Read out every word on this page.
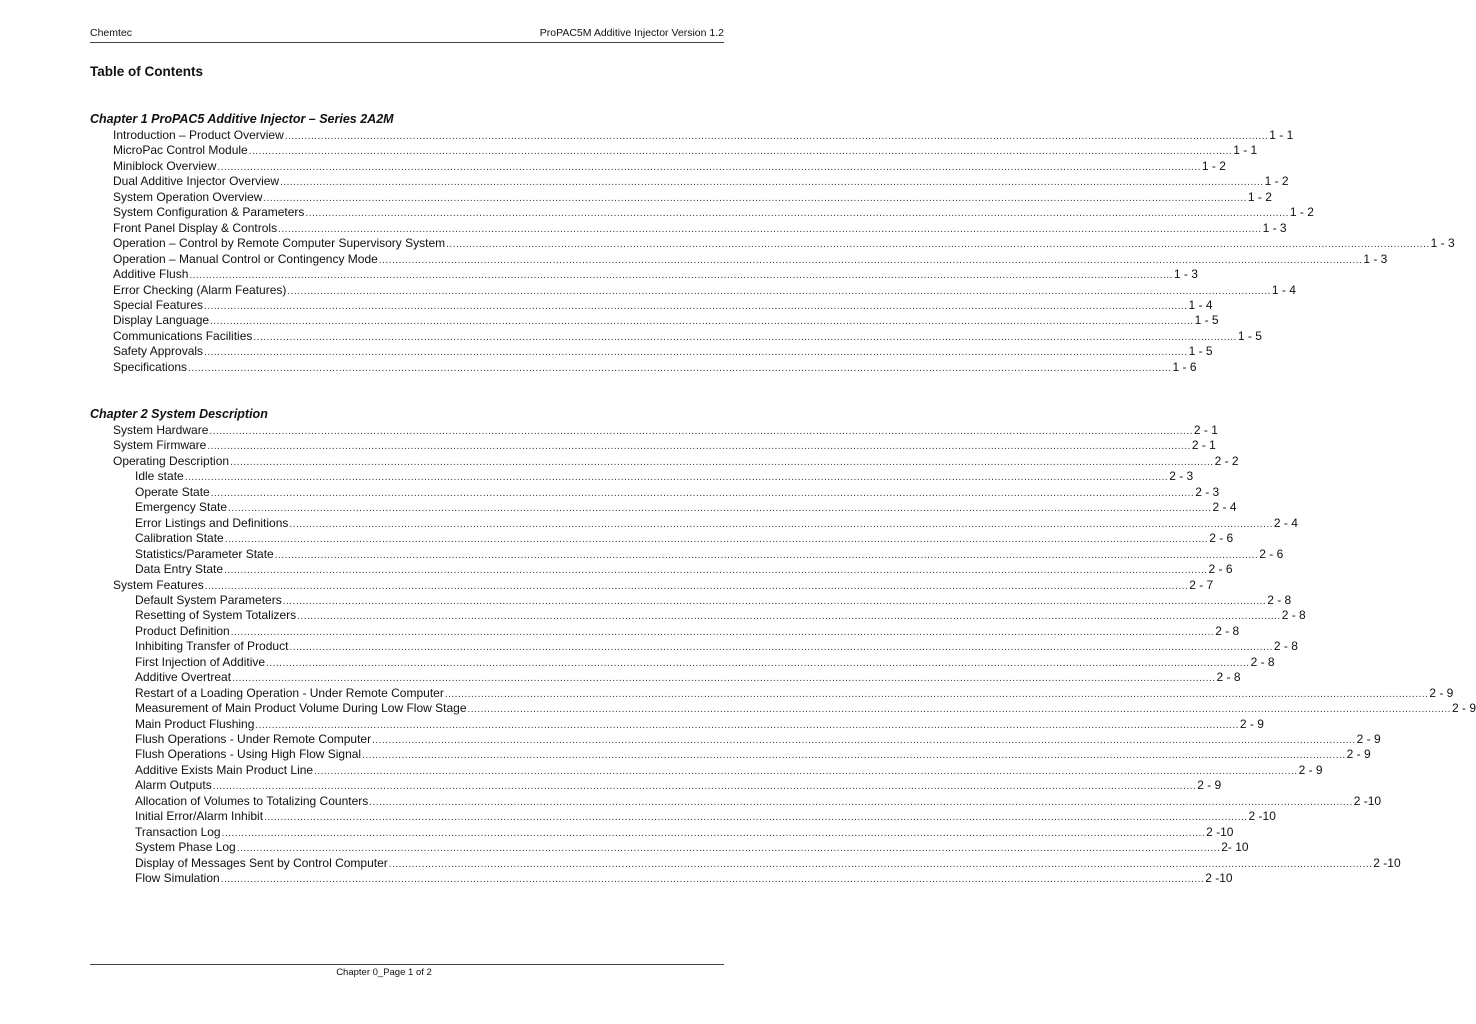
Chemtec	ProPAC5M Additive Injector Version 1.2
Table of Contents
Chapter 1 ProPAC5 Additive Injector – Series 2A2M
Introduction – Product Overview ............................................................................................................................................................................................................................................................................................................ 1 - 1
MicroPac Control Module ............................................................................................................................................................................................................................................................................................................ 1 - 1
Miniblock Overview ............................................................................................................................................................................................................................................................................................................ 1 - 2
Dual Additive Injector Overview ............................................................................................................................................................................................................................................................................................................ 1 - 2
System Operation Overview ............................................................................................................................................................................................................................................................................................................ 1 - 2
System Configuration & Parameters ............................................................................................................................................................................................................................................................................................................ 1 - 2
Front Panel Display & Controls ............................................................................................................................................................................................................................................................................................................ 1 - 3
Operation – Control by Remote Computer Supervisory System ............................................................................................................................................................................................................................................................................................................ 1 - 3
Operation – Manual Control or Contingency Mode ............................................................................................................................................................................................................................................................................................................ 1 - 3
Additive Flush ............................................................................................................................................................................................................................................................................................................ 1 - 3
Error Checking (Alarm Features) ............................................................................................................................................................................................................................................................................................................ 1 - 4
Special Features ............................................................................................................................................................................................................................................................................................................ 1 - 4
Display Language ............................................................................................................................................................................................................................................................................................................ 1 - 5
Communications Facilities ............................................................................................................................................................................................................................................................................................................ 1 - 5
Safety Approvals ............................................................................................................................................................................................................................................................................................................ 1 - 5
Specifications ............................................................................................................................................................................................................................................................................................................ 1 - 6
Chapter 2 System Description
System Hardware ............................................................................................................................................................................................................................................................................................................ 2 - 1
System Firmware ............................................................................................................................................................................................................................................................................................................ 2 - 1
Operating Description ............................................................................................................................................................................................................................................................................................................ 2 - 2
Idle state ............................................................................................................................................................................................................................................................................................................ 2 - 3
Operate State ............................................................................................................................................................................................................................................................................................................ 2 - 3
Emergency State ............................................................................................................................................................................................................................................................................................................ 2 - 4
Error Listings and Definitions ............................................................................................................................................................................................................................................................................................................ 2 - 4
Calibration State ............................................................................................................................................................................................................................................................................................................ 2 - 6
Statistics/Parameter State ............................................................................................................................................................................................................................................................................................................ 2 - 6
Data Entry State ............................................................................................................................................................................................................................................................................................................ 2 - 6
System Features ............................................................................................................................................................................................................................................................................................................ 2 - 7
Default System Parameters ............................................................................................................................................................................................................................................................................................................ 2 - 8
Resetting of System Totalizers ............................................................................................................................................................................................................................................................................................................ 2 - 8
Product Definition ............................................................................................................................................................................................................................................................................................................ 2 - 8
Inhibiting Transfer of Product ............................................................................................................................................................................................................................................................................................................ 2 - 8
First Injection of Additive ............................................................................................................................................................................................................................................................................................................ 2 - 8
Additive Overtreat ............................................................................................................................................................................................................................................................................................................ 2 - 8
Restart of a Loading Operation - Under Remote Computer ............................................................................................................................................................................................................................................................................................................ 2 - 9
Measurement of Main Product Volume During Low Flow Stage ............................................................................................................................................................................................................................................................................................................ 2 - 9
Main Product Flushing ............................................................................................................................................................................................................................................................................................................ 2 - 9
Flush Operations - Under Remote Computer ............................................................................................................................................................................................................................................................................................................ 2 - 9
Flush Operations - Using High Flow Signal ............................................................................................................................................................................................................................................................................................................ 2 - 9
Additive Exists Main Product Line ............................................................................................................................................................................................................................................................................................................ 2 - 9
Alarm Outputs ............................................................................................................................................................................................................................................................................................................ 2 - 9
Allocation of Volumes to Totalizing Counters ............................................................................................................................................................................................................................................................................................................ 2 -10
Initial Error/Alarm Inhibit ............................................................................................................................................................................................................................................................................................................ 2 -10
Transaction Log ............................................................................................................................................................................................................................................................................................................ 2 -10
System Phase Log ............................................................................................................................................................................................................................................................................................................ 2- 10
Display of Messages Sent by Control Computer ............................................................................................................................................................................................................................................................................................................ 2 -10
Flow Simulation ............................................................................................................................................................................................................................................................................................................ 2 -10
Chapter 0_Page 1 of 2
